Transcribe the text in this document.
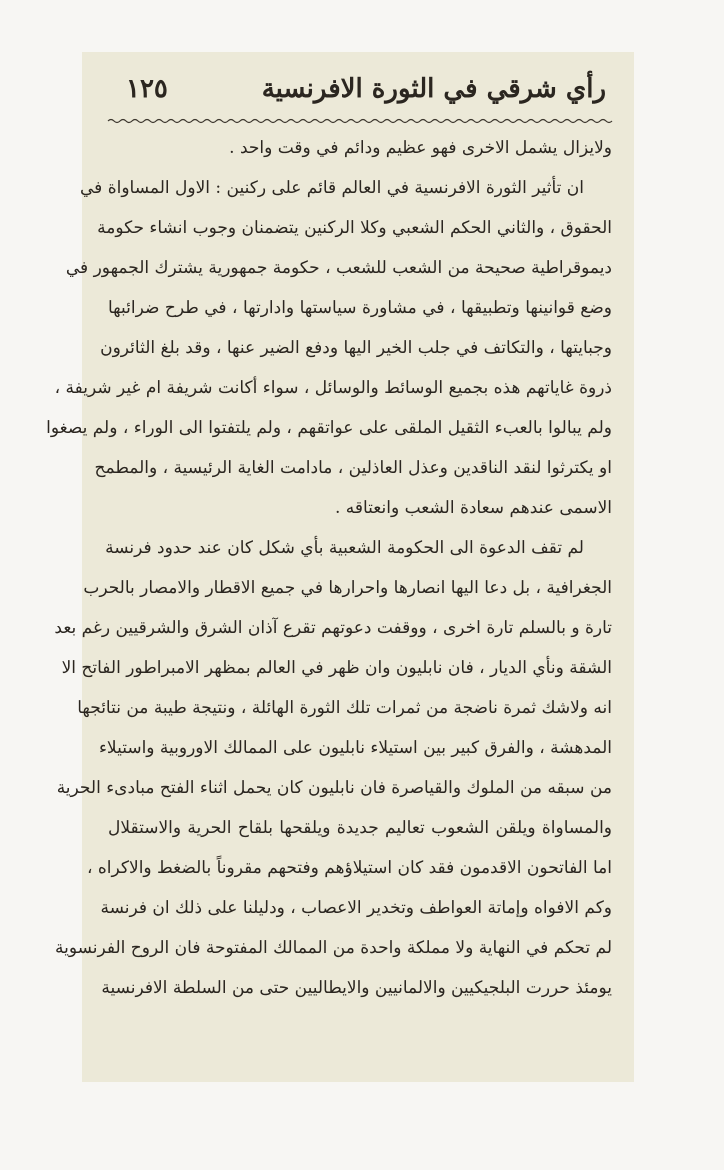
رأي شرقي في الثورة الافرنسية
١٢٥
ولايزال يشمل الاخرى فهو عظيم ودائم في وقت واحد .
ان تأثير الثورة الافرنسية في العالم قائم على ركنين : الاول المساواة في
الحقوق ، والثاني الحكم الشعبي وكلا الركنين يتضمنان وجوب انشاء حكومة
ديموقراطية صحيحة من الشعب للشعب ، حكومة جمهورية يشترك الجمهور في
وضع قوانينها وتطبيقها ، في مشاورة سياستها وادارتها ، في طرح ضرائبها
وجبايتها ، والتكاتف في جلب الخير اليها ودفع الضير عنها ، وقد بلغ الثائرون
ذروة غاياتهم هذه بجميع الوسائط والوسائل ، سواء أكانت شريفة ام غير شريفة ،
ولم يبالوا بالعبء الثقيل الملقى على عواتقهم ، ولم يلتفتوا الى الوراء ، ولم يصغوا
او يكترثوا لنقد الناقدين وعذل العاذلين ، مادامت الغاية الرئيسية ، والمطمح
الاسمى عندهم سعادة الشعب وانعتاقه .
لم تقف الدعوة الى الحكومة الشعبية بأي شكل كان عند حدود فرنسة
الجغرافية ، بل دعا اليها انصارها واحرارها في جميع الاقطار والامصار بالحرب
تارة و بالسلم تارة اخرى ، ووقفت دعوتهم تقرع آذان الشرق والشرقيين رغم بعد
الشقة ونأي الديار ، فان نابليون وان ظهر في العالم بمظهر الامبراطور الفاتح الا
انه ولاشك ثمرة ناضجة من ثمرات تلك الثورة الهائلة ، ونتيجة طيبة من نتائجها
المدهشة ، والفرق كبير بين استيلاء نابليون على الممالك الاوروبية واستيلاء
من سبقه من الملوك والقياصرة فان نابليون كان يحمل اثناء الفتح مبادىء الحرية
والمساواة ويلقن الشعوب تعاليم جديدة ويلقحها بلقاح الحرية والاستقلال
اما الفاتحون الاقدمون فقد كان استيلاؤهم وفتحهم مقروناً بالضغط والاكراه ،
وكم الافواه وإماتة العواطف وتخدير الاعصاب ، ودليلنا على ذلك ان فرنسة
لم تحكم في النهاية ولا مملكة واحدة من الممالك المفتوحة فان الروح الفرنسوية
يومئذ حررت البلجيكيين والالمانيين والايطاليين حتى من السلطة الافرنسية
